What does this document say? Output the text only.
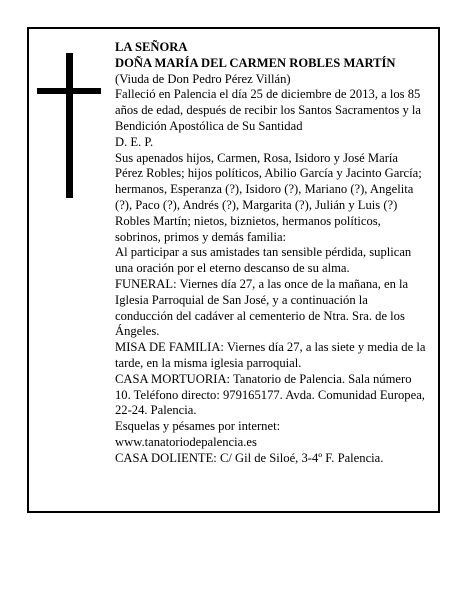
LA SEÑORA

DOÑA MARÍA DEL CARMEN ROBLES MARTÍN

(Viuda de Don Pedro Pérez Villán)

Falleció en Palencia el día 25 de diciembre de 2013, a los 85 años de edad, después de recibir los Santos Sacramentos y la Bendición Apostólica de Su Santidad

D. E. P.

Sus apenados hijos, Carmen, Rosa, Isidoro y José María Pérez Robles; hijos políticos, Abilio García y Jacinto García; hermanos, Esperanza (?), Isidoro (?), Mariano (?), Angelita (?), Paco (?), Andrés (?), Margarita (?), Julián y Luis (?) Robles Martín; nietos, biznietos, hermanos políticos, sobrinos, primos y demás familia:

Al participar a sus amistades tan sensible pérdida, suplican una oración por el eterno descanso de su alma.

FUNERAL: Viernes día 27, a las once de la mañana, en la Iglesia Parroquial de San José, y a continuación la conducción del cadáver al cementerio de Ntra. Sra. de los Ángeles.

MISA DE FAMILIA: Viernes día 27, a las siete y media de la tarde, en la misma iglesia parroquial.

CASA MORTUORIA: Tanatorio de Palencia. Sala número 10. Teléfono directo: 979165177. Avda. Comunidad Europea, 22-24. Palencia.

Esquelas y pésames por internet:

www.tanatoriodepalencia.es

CASA DOLIENTE: C/ Gil de Siloé, 3-4º F. Palencia.
